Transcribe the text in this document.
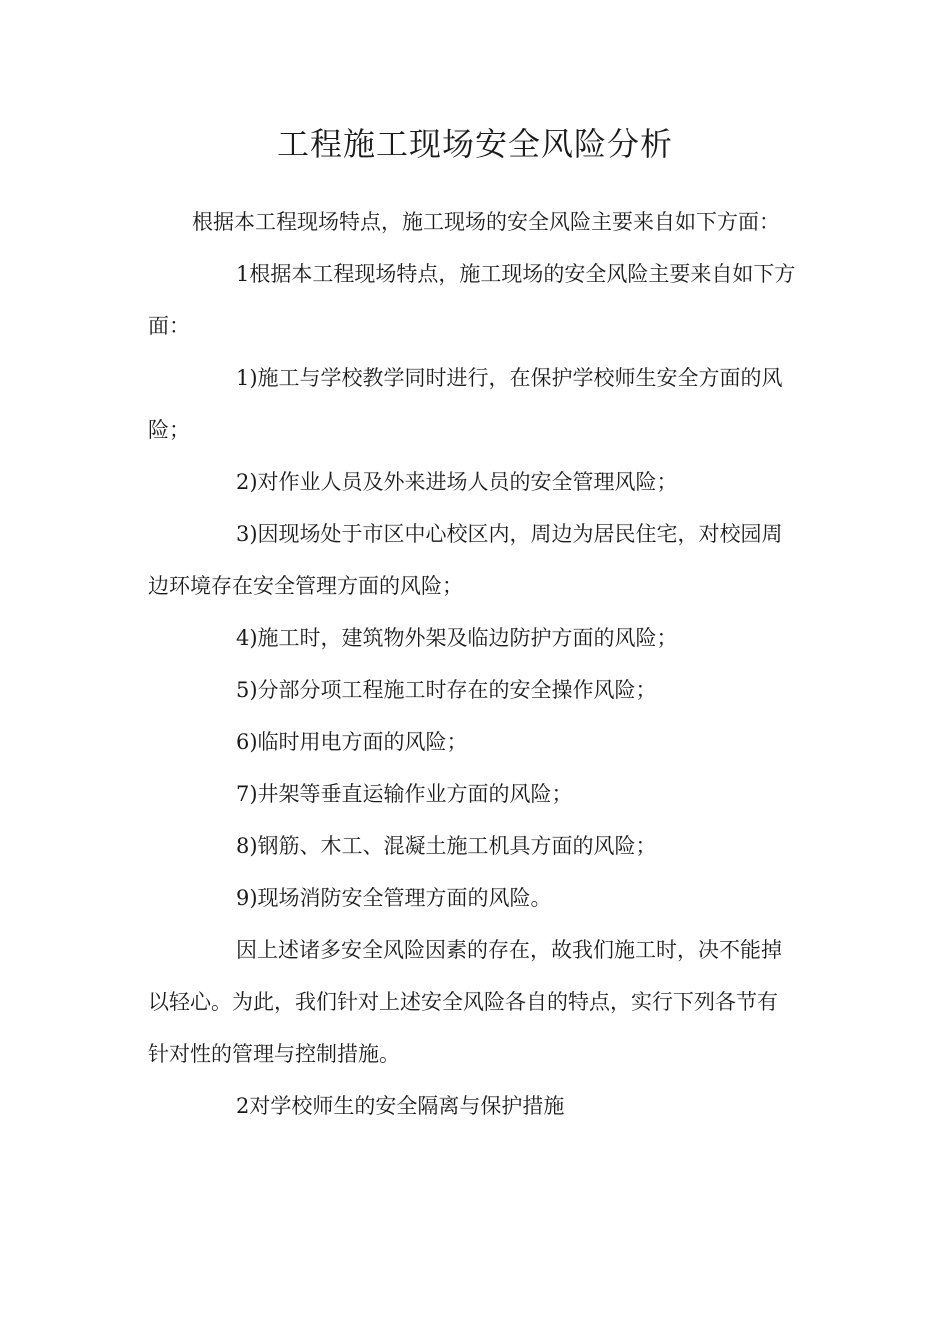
工程施工现场安全风险分析

根据本工程现场特点，施工现场的安全风险主要来自如下方面：

1根据本工程现场特点，施工现场的安全风险主要来自如下方面：

1)施工与学校教学同时进行，在保护学校师生安全方面的风险；

2)对作业人员及外来进场人员的安全管理风险；

3)因现场处于市区中心校区内，周边为居民住宅，对校园周边环境存在安全管理方面的风险；

4)施工时，建筑物外架及临边防护方面的风险；

5)分部分项工程施工时存在的安全操作风险；

6)临时用电方面的风险；

7)井架等垂直运输作业方面的风险；

8)钢筋、木工、混凝土施工机具方面的风险；

9)现场消防安全管理方面的风险。

因上述诸多安全风险因素的存在，故我们施工时，决不能掉以轻心。为此，我们针对上述安全风险各自的特点，实行下列各节有针对性的管理与控制措施。

2对学校师生的安全隔离与保护措施
